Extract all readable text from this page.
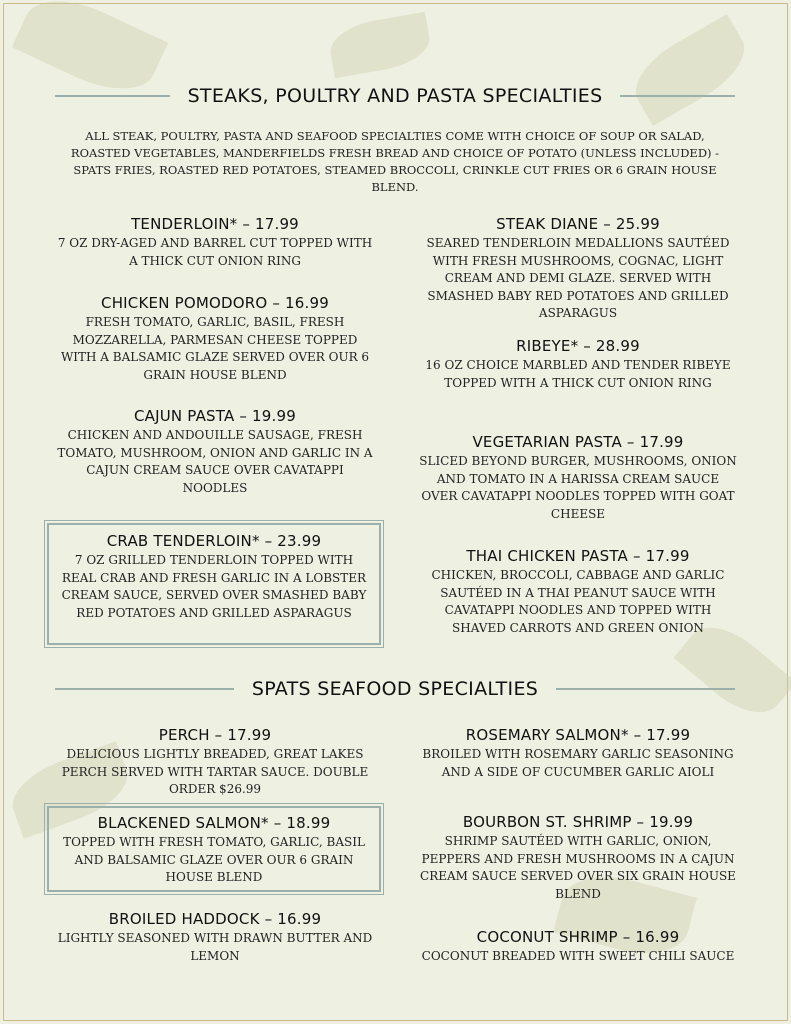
STEAKS, POULTRY AND PASTA SPECIALTIES

ALL STEAK, POULTRY, PASTA AND SEAFOOD SPECIALTIES COME WITH CHOICE OF SOUP OR SALAD, ROASTED VEGETABLES, MANDERFIELDS FRESH BREAD AND CHOICE OF POTATO (UNLESS INCLUDED) - SPATS FRIES, ROASTED RED POTATOES, STEAMED BROCCOLI, CRINKLE CUT FRIES OR 6 GRAIN HOUSE BLEND.

TENDERLOIN* – 17.99
7 OZ DRY-AGED AND BARREL CUT TOPPED WITH A THICK CUT ONION RING
CHICKEN POMODORO – 16.99
FRESH TOMATO, GARLIC, BASIL, FRESH MOZZARELLA, PARMESAN CHEESE TOPPED WITH A BALSAMIC GLAZE SERVED OVER OUR 6 GRAIN HOUSE BLEND
CAJUN PASTA – 19.99
CHICKEN AND ANDOUILLE SAUSAGE, FRESH TOMATO, MUSHROOM, ONION AND GARLIC IN A CAJUN CREAM SAUCE OVER CAVATAPPI NOODLES
CRAB TENDERLOIN* – 23.99
7 OZ GRILLED TENDERLOIN TOPPED WITH REAL CRAB AND FRESH GARLIC IN A LOBSTER CREAM SAUCE, SERVED OVER SMASHED BABY RED POTATOES AND GRILLED ASPARAGUS
STEAK DIANE – 25.99
SEARED TENDERLOIN MEDALLIONS SAUTÉED WITH FRESH MUSHROOMS, COGNAC, LIGHT CREAM AND DEMI GLAZE. SERVED WITH SMASHED BABY RED POTATOES AND GRILLED ASPARAGUS
RIBEYE* – 28.99
16 OZ CHOICE MARBLED AND TENDER RIBEYE TOPPED WITH A THICK CUT ONION RING
VEGETARIAN PASTA – 17.99
SLICED BEYOND BURGER, MUSHROOMS, ONION AND TOMATO IN A HARISSA CREAM SAUCE OVER CAVATAPPI NOODLES TOPPED WITH GOAT CHEESE
THAI CHICKEN PASTA – 17.99
CHICKEN, BROCCOLI, CABBAGE AND GARLIC SAUTÉED IN A THAI PEANUT SAUCE WITH CAVATAPPI NOODLES AND TOPPED WITH SHAVED CARROTS AND GREEN ONION
SPATS SEAFOOD SPECIALTIES
PERCH – 17.99
DELICIOUS LIGHTLY BREADED, GREAT LAKES PERCH SERVED WITH TARTAR SAUCE. DOUBLE ORDER $26.99
BLACKENED SALMON* – 18.99
TOPPED WITH FRESH TOMATO, GARLIC, BASIL AND BALSAMIC GLAZE OVER OUR 6 GRAIN HOUSE BLEND
BROILED HADDOCK – 16.99
LIGHTLY SEASONED WITH DRAWN BUTTER AND LEMON
ROSEMARY SALMON* – 17.99
BROILED WITH ROSEMARY GARLIC SEASONING AND A SIDE OF CUCUMBER GARLIC AIOLI
BOURBON ST. SHRIMP – 19.99
SHRIMP SAUTÉED WITH GARLIC, ONION, PEPPERS AND FRESH MUSHROOMS IN A CAJUN CREAM SAUCE SERVED OVER SIX GRAIN HOUSE BLEND
COCONUT SHRIMP – 16.99
COCONUT BREADED WITH SWEET CHILI SAUCE
